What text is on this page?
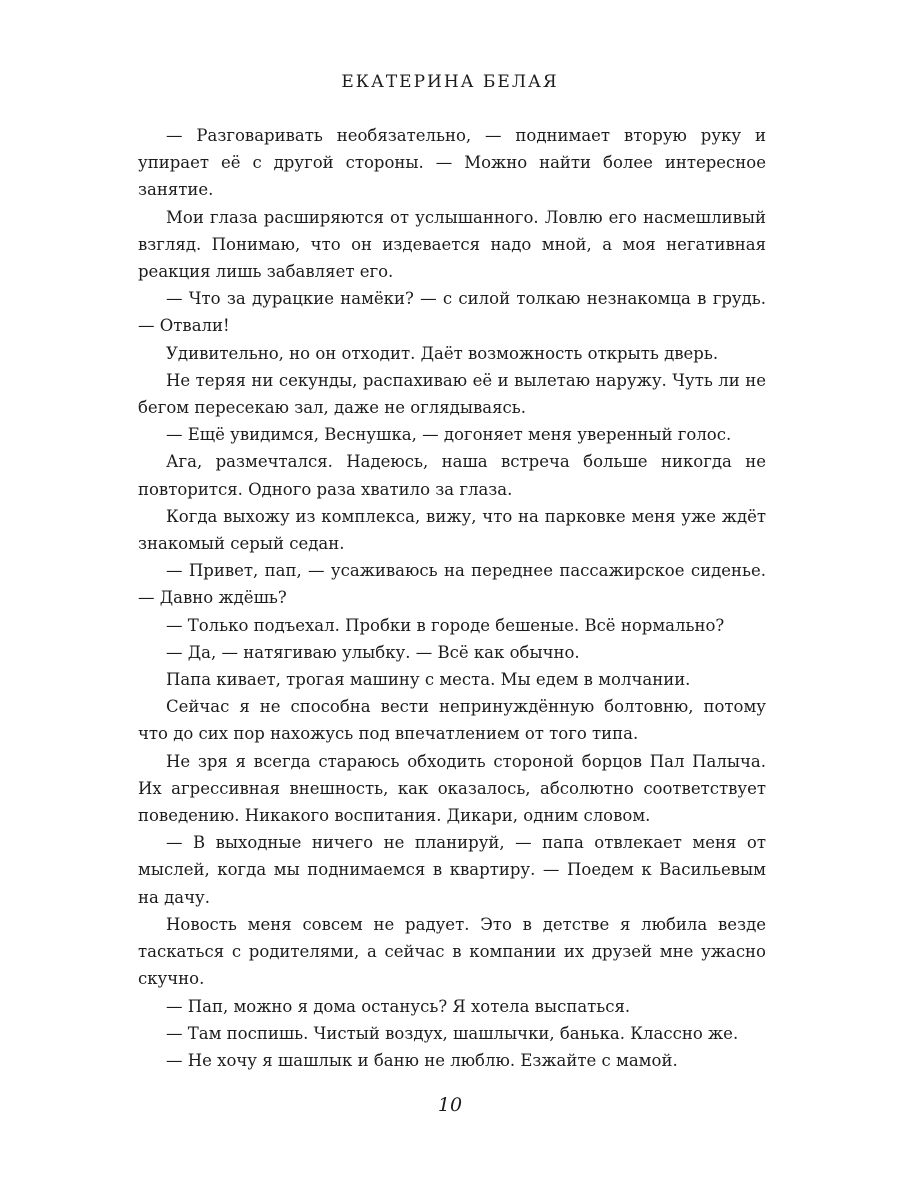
ЕКАТЕРИНА БЕЛАЯ

— Разговаривать необязательно, — поднимает вторую руку и упирает её с другой стороны. — Можно найти более интересное занятие.

Мои глаза расширяются от услышанного. Ловлю его насмешливый взгляд. Понимаю, что он издевается надо мной, а моя негативная реакция лишь забавляет его.

— Что за дурацкие намёки? — с силой толкаю незнакомца в грудь. — Отвали!

Удивительно, но он отходит. Даёт возможность открыть дверь.

Не теряя ни секунды, распахиваю её и вылетаю наружу. Чуть ли не бегом пересекаю зал, даже не оглядываясь.

— Ещё увидимся, Веснушка, — догоняет меня уверенный голос.

Ага, размечтался. Надеюсь, наша встреча больше никогда не повторится. Одного раза хватило за глаза.

Когда выхожу из комплекса, вижу, что на парковке меня уже ждёт знакомый серый седан.

— Привет, пап, — усаживаюсь на переднее пассажирское сиденье. — Давно ждёшь?

— Только подъехал. Пробки в городе бешеные. Всё нормально?

— Да, — натягиваю улыбку. — Всё как обычно.

Папа кивает, трогая машину с места. Мы едем в молчании.

Сейчас я не способна вести непринуждённую болтовню, потому что до сих пор нахожусь под впечатлением от того типа.

Не зря я всегда стараюсь обходить стороной борцов Пал Палыча. Их агрессивная внешность, как оказалось, абсолютно соответствует поведению. Никакого воспитания. Дикари, одним словом.

— В выходные ничего не планируй, — папа отвлекает меня от мыслей, когда мы поднимаемся в квартиру. — Поедем к Васильевым на дачу.

Новость меня совсем не радует. Это в детстве я любила везде таскаться с родителями, а сейчас в компании их друзей мне ужасно скучно.

— Пап, можно я дома останусь? Я хотела выспаться.

— Там поспишь. Чистый воздух, шашлычки, банька. Классно же.

— Не хочу я шашлык и баню не люблю. Езжайте с мамой.

10
